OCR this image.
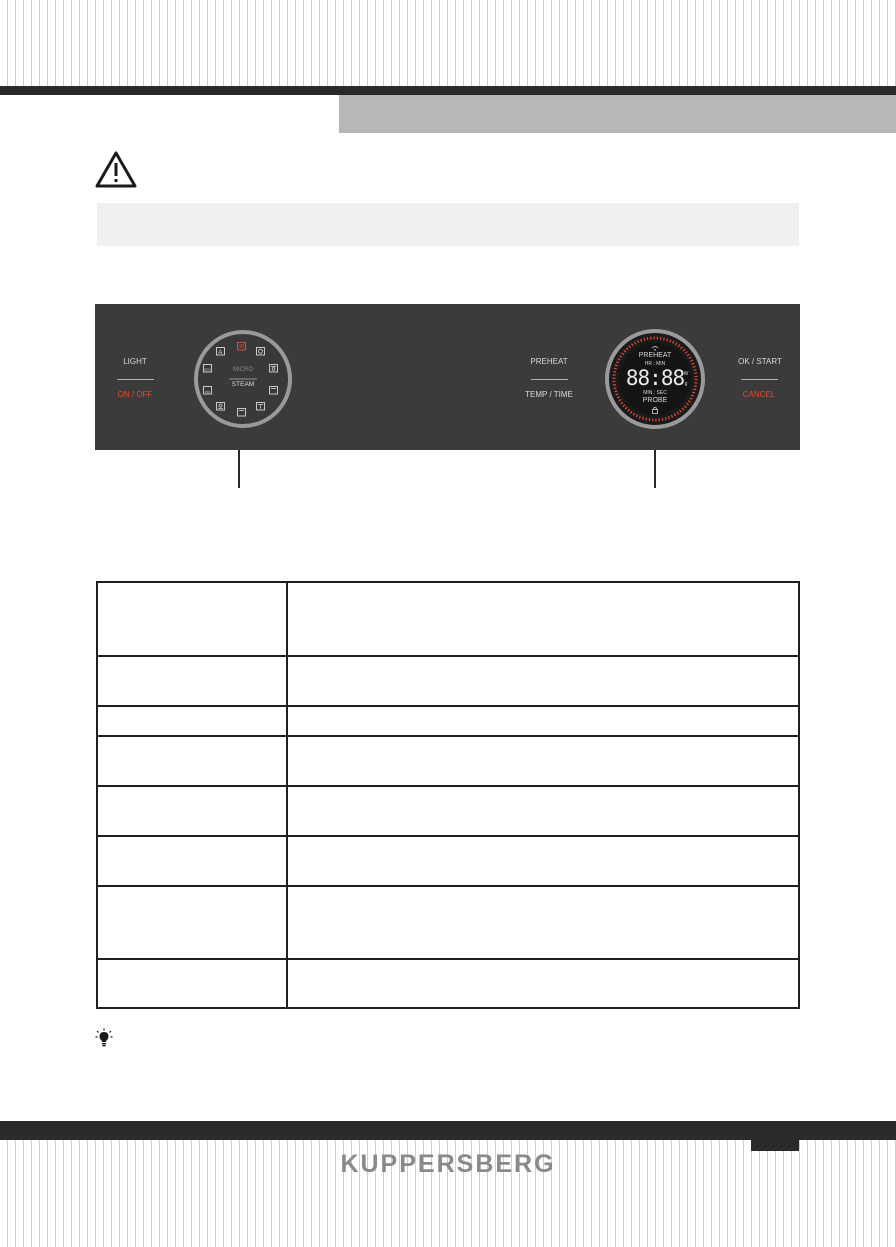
LIGHT
ON / OFF
PREHEAT
TEMP / TIME
OK / START
CANCEL
MICRO
STEAM
A
eco
PREHEAT
HR : MIN
88:88 W
g
MIN : SEC
PROBE

KUPPERSBERG
